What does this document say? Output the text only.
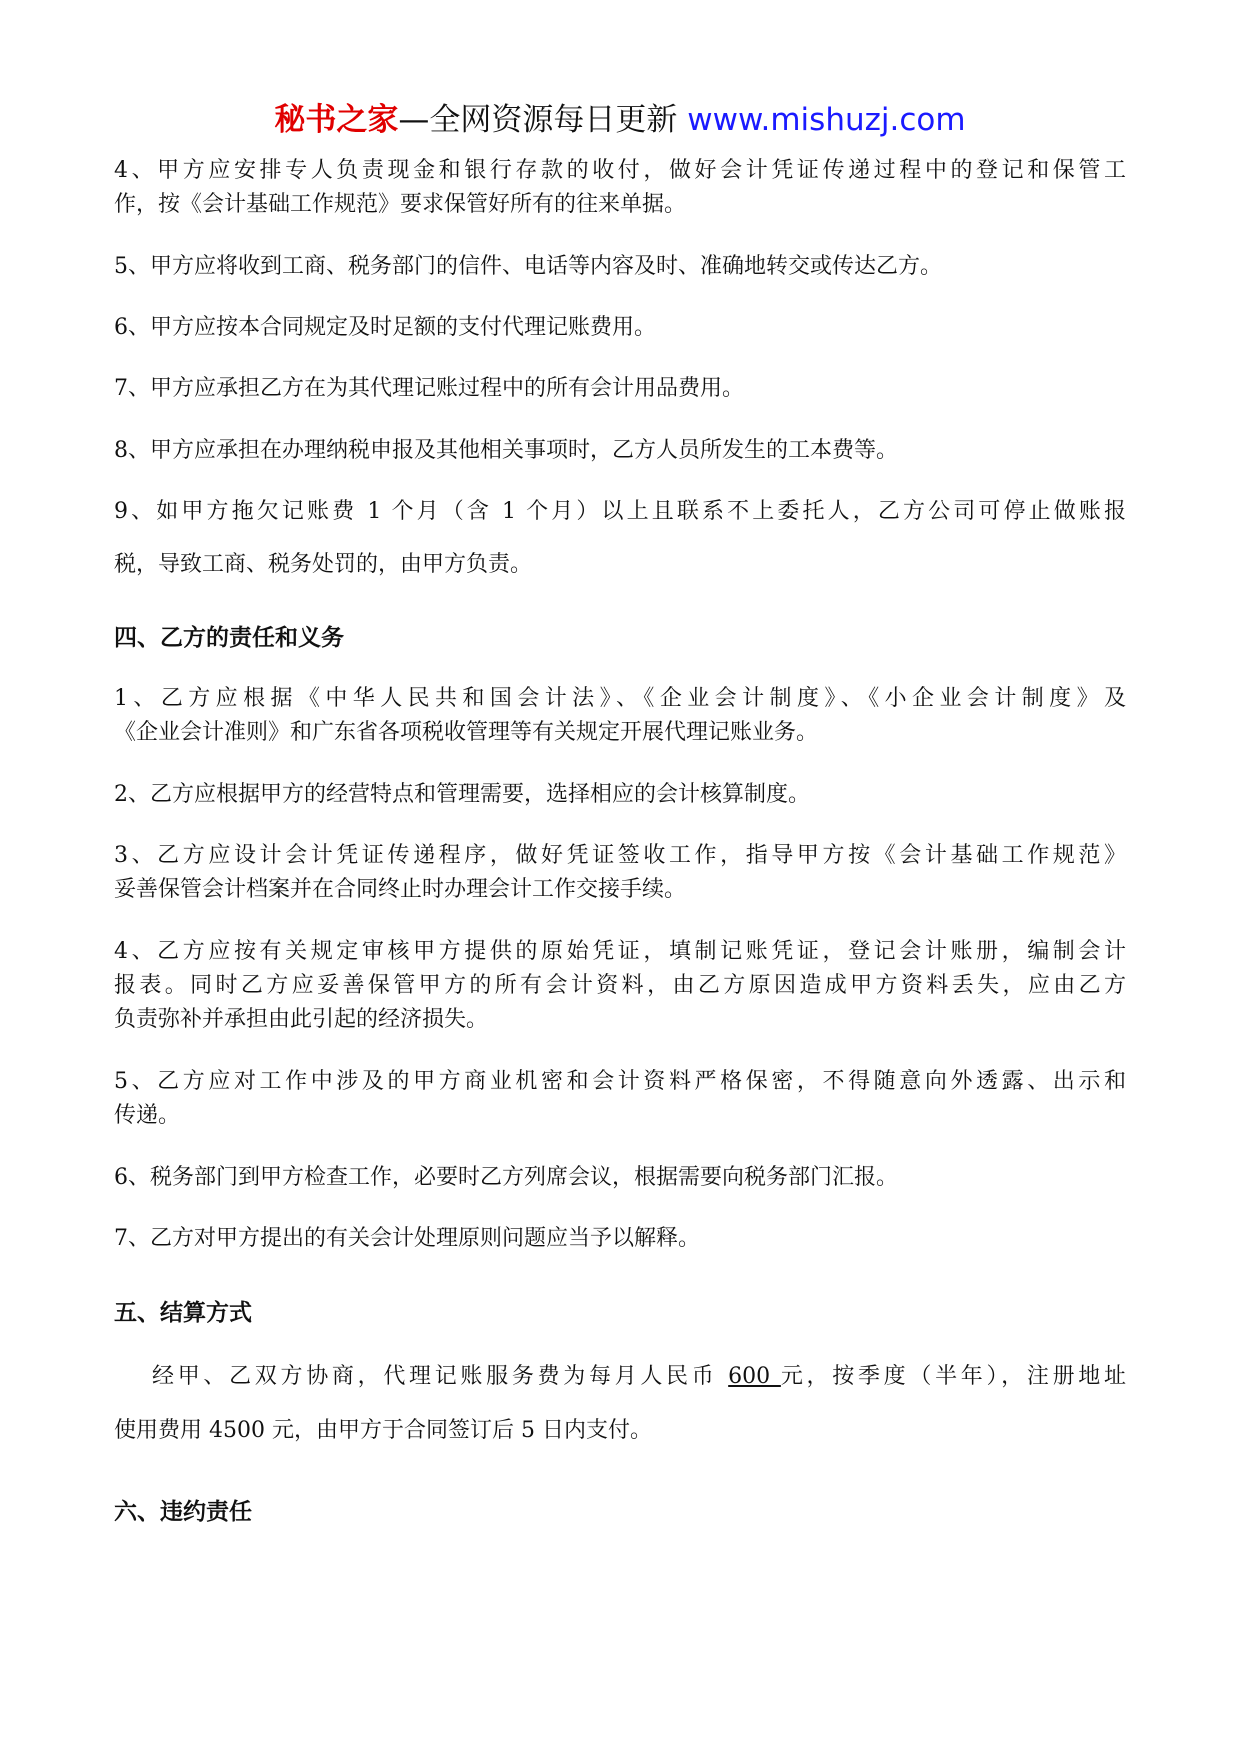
秘书之家—全网资源每日更新 www.mishuzj.com
4、甲方应安排专人负责现金和银行存款的收付，做好会计凭证传递过程中的登记和保管工
作，按《会计基础工作规范》要求保管好所有的往来单据。
5、甲方应将收到工商、税务部门的信件、电话等内容及时、准确地转交或传达乙方。
6、甲方应按本合同规定及时足额的支付代理记账费用。
7、甲方应承担乙方在为其代理记账过程中的所有会计用品费用。
8、甲方应承担在办理纳税申报及其他相关事项时，乙方人员所发生的工本费等。
9、如甲方拖欠记账费 1 个月（含 1 个月）以上且联系不上委托人，乙方公司可停止做账报
税，导致工商、税务处罚的，由甲方负责。
四、乙方的责任和义务
1、乙方应根据《中华人民共和国会计法》、《企业会计制度》、《小企业会计制度》及
《企业会计准则》和广东省各项税收管理等有关规定开展代理记账业务。
2、乙方应根据甲方的经营特点和管理需要，选择相应的会计核算制度。
3、乙方应设计会计凭证传递程序，做好凭证签收工作，指导甲方按《会计基础工作规范》
妥善保管会计档案并在合同终止时办理会计工作交接手续。
4、乙方应按有关规定审核甲方提供的原始凭证，填制记账凭证，登记会计账册，编制会计
报表。同时乙方应妥善保管甲方的所有会计资料，由乙方原因造成甲方资料丢失，应由乙方
负责弥补并承担由此引起的经济损失。
5、乙方应对工作中涉及的甲方商业机密和会计资料严格保密，不得随意向外透露、出示和
传递。
6、税务部门到甲方检查工作，必要时乙方列席会议，根据需要向税务部门汇报。
7、乙方对甲方提出的有关会计处理原则问题应当予以解释。
五、结算方式
经甲、乙双方协商，代理记账服务费为每月人民币 600 元，按季度（半年），注册地址
使用费用 4500 元，由甲方于合同签订后 5 日内支付。
六、违约责任
